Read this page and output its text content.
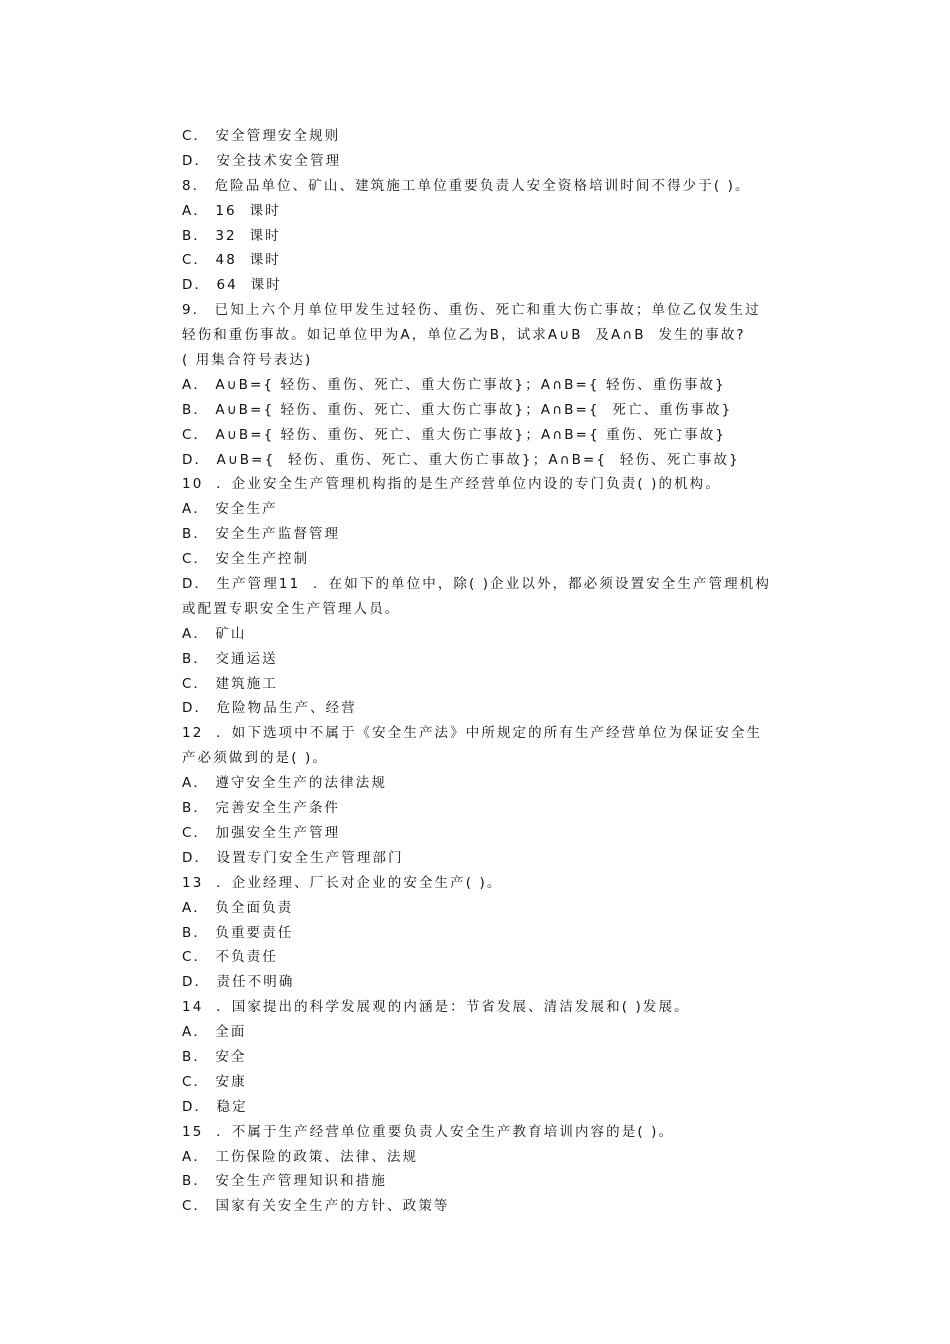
C． 安全管理安全规则
D． 安全技术安全管理
8． 危险品单位、矿山、建筑施工单位重要负责人安全资格培训时间不得少于( )。
A． 16  课时
B． 32  课时
C． 48  课时
D． 64  课时
9． 已知上六个月单位甲发生过轻伤、重伤、死亡和重大伤亡事故；单位乙仅发生过
轻伤和重伤事故。如记单位甲为A，单位乙为B，试求A∪B  及A∩B  发生的事故?
( 用集合符号表达)
A． A∪B={ 轻伤、重伤、死亡、重大伤亡事故}；A∩B={ 轻伤、重伤事故}
B． A∪B={ 轻伤、重伤、死亡、重大伤亡事故}；A∩B={  死亡、重伤事故}
C． A∪B={ 轻伤、重伤、死亡、重大伤亡事故}；A∩B={ 重伤、死亡事故}
D． A∪B={  轻伤、重伤、死亡、重大伤亡事故}；A∩B={  轻伤、死亡事故}
10  ．企业安全生产管理机构指的是生产经营单位内设的专门负责( )的机构。
A． 安全生产
B． 安全生产监督管理
C． 安全生产控制
D． 生产管理11  ．在如下的单位中，除( )企业以外，都必须设置安全生产管理机构
或配置专职安全生产管理人员。
A． 矿山
B． 交通运送
C． 建筑施工
D． 危险物品生产、经营
12  ．如下选项中不属于《安全生产法》中所规定的所有生产经营单位为保证安全生
产必须做到的是( )。
A． 遵守安全生产的法律法规
B． 完善安全生产条件
C． 加强安全生产管理
D． 设置专门安全生产管理部门
13  ．企业经理、厂长对企业的安全生产( )。
A． 负全面负责
B． 负重要责任
C． 不负责任
D． 责任不明确
14  ．国家提出的科学发展观的内涵是：节省发展、清洁发展和( )发展。
A． 全面
B． 安全
C． 安康
D． 稳定
15  ．不属于生产经营单位重要负责人安全生产教育培训内容的是( )。
A． 工伤保险的政策、法律、法规
B． 安全生产管理知识和措施
C． 国家有关安全生产的方针、政策等
